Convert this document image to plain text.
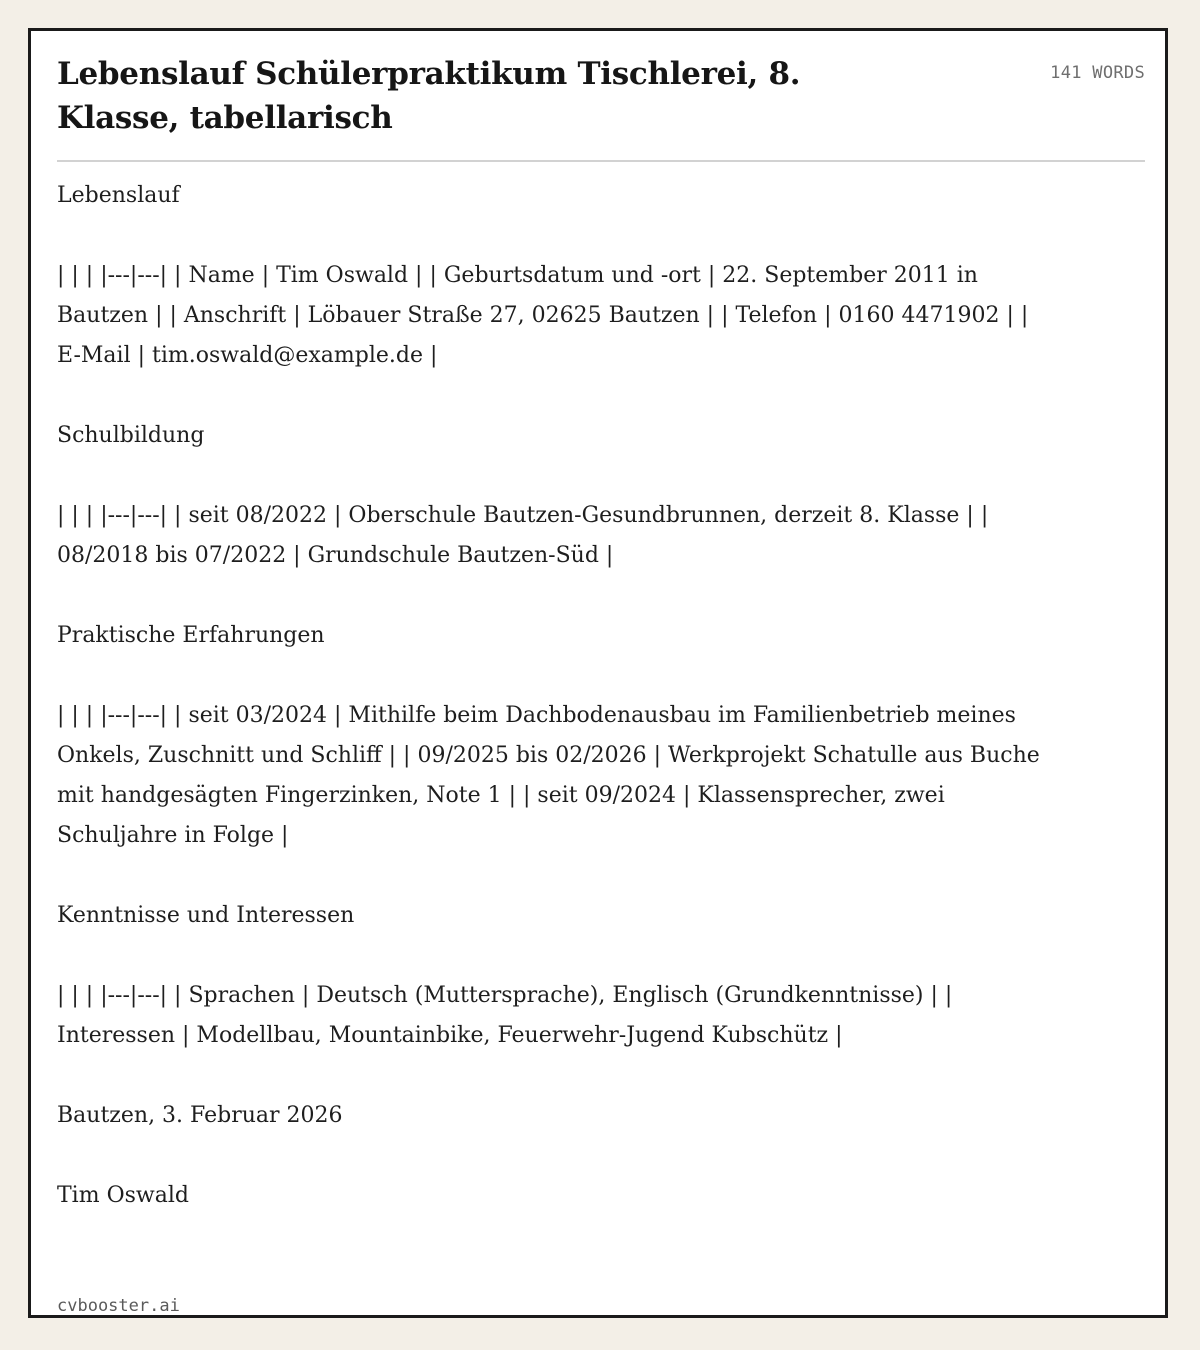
Lebenslauf Schülerpraktikum Tischlerei, 8. Klasse, tabellarisch
141 WORDS

Lebenslauf

| | | |---|---| | Name | Tim Oswald | | Geburtsdatum und -ort | 22. September 2011 in Bautzen | | Anschrift | Löbauer Straße 27, 02625 Bautzen | | Telefon | 0160 4471902 | | E-Mail | tim.oswald@example.de |

Schulbildung

| | | |---|---| | seit 08/2022 | Oberschule Bautzen-Gesundbrunnen, derzeit 8. Klasse | | 08/2018 bis 07/2022 | Grundschule Bautzen-Süd |

Praktische Erfahrungen

| | | |---|---| | seit 03/2024 | Mithilfe beim Dachbodenausbau im Familienbetrieb meines Onkels, Zuschnitt und Schliff | | 09/2025 bis 02/2026 | Werkprojekt Schatulle aus Buche mit handgesägten Fingerzinken, Note 1 | | seit 09/2024 | Klassensprecher, zwei Schuljahre in Folge |

Kenntnisse und Interessen

| | | |---|---| | Sprachen | Deutsch (Muttersprache), Englisch (Grundkenntnisse) | | Interessen | Modellbau, Mountainbike, Feuerwehr-Jugend Kubschütz |

Bautzen, 3. Februar 2026

Tim Oswald

cvbooster.ai
